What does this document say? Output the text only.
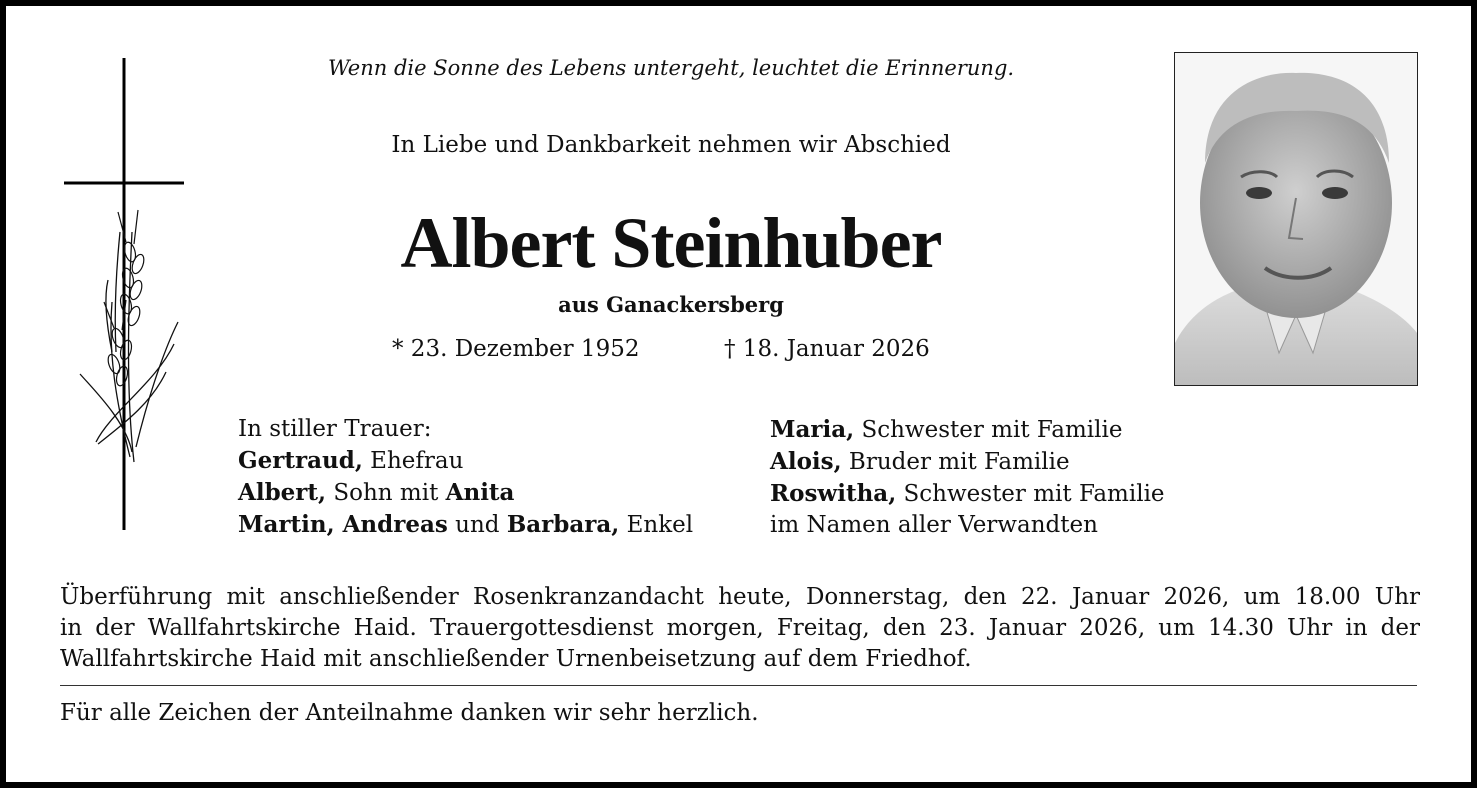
Wenn die Sonne des Lebens untergeht, leuchtet die Erinnerung.
In Liebe und Dankbarkeit nehmen wir Abschied
Albert Steinhuber
aus Ganackersberg
* 23. Dezember 1952	† 18. Januar 2026
In stiller Trauer:
Gertraud, Ehefrau
Albert, Sohn mit Anita
Martin, Andreas und Barbara, Enkel
Maria, Schwester mit Familie
Alois, Bruder mit Familie
Roswitha, Schwester mit Familie
im Namen aller Verwandten
Überführung mit anschließender Rosenkranzandacht heute, Donnerstag, den 22. Januar 2026, um 18.00 Uhr
in der Wallfahrtskirche Haid. Trauergottesdienst morgen, Freitag, den 23. Januar 2026, um 14.30 Uhr in der
Wallfahrtskirche Haid mit anschließender Urnenbeisetzung auf dem Friedhof.
Für alle Zeichen der Anteilnahme danken wir sehr herzlich.
